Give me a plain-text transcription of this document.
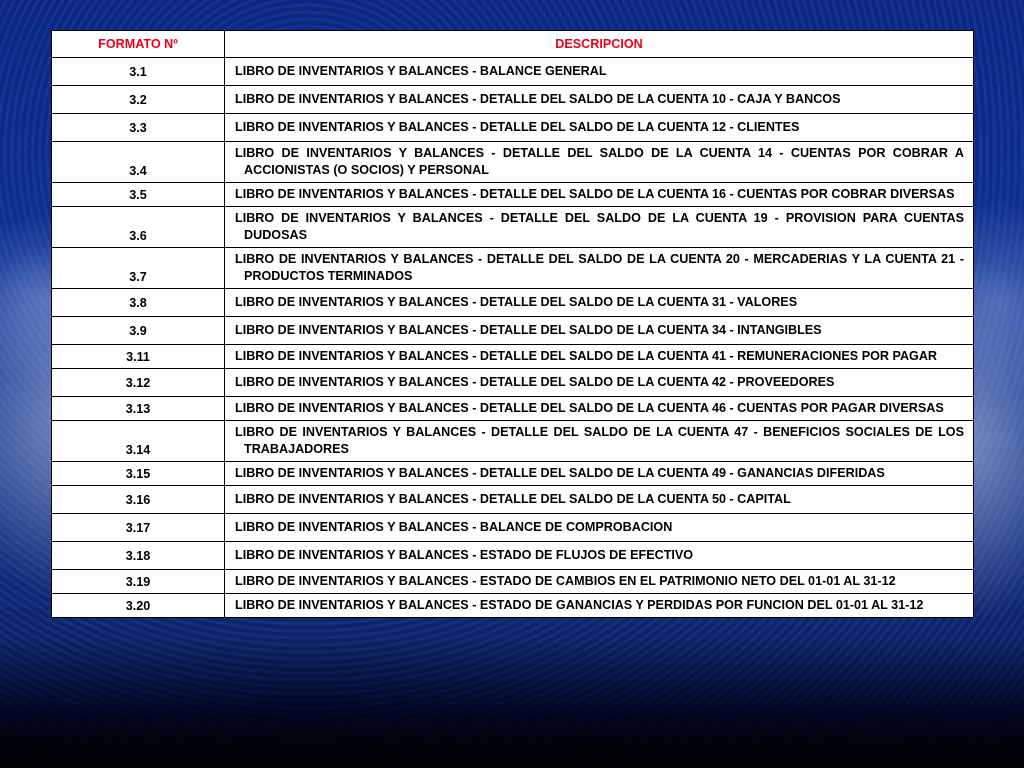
FORMATO Nº	DESCRIPCION
3.1	LIBRO DE INVENTARIOS Y BALANCES - BALANCE GENERAL

3.2	LIBRO DE INVENTARIOS Y BALANCES - DETALLE DEL SALDO DE LA CUENTA 10 - CAJA Y BANCOS

3.3	LIBRO DE INVENTARIOS Y BALANCES - DETALLE DEL SALDO DE LA CUENTA 12 - CLIENTES

3.4	LIBRO DE INVENTARIOS Y BALANCES - DETALLE DEL SALDO DE LA CUENTA 14 - CUENTAS POR COBRAR A ACCIONISTAS (O SOCIOS) Y PERSONAL

3.5	LIBRO DE INVENTARIOS Y BALANCES - DETALLE DEL SALDO DE LA CUENTA 16 - CUENTAS POR COBRAR DIVERSAS

3.6	LIBRO DE INVENTARIOS Y BALANCES - DETALLE DEL SALDO DE LA CUENTA 19 - PROVISION PARA CUENTAS DUDOSAS

3.7	LIBRO DE INVENTARIOS Y BALANCES - DETALLE DEL SALDO DE LA CUENTA 20 - MERCADERIAS Y LA CUENTA 21 - PRODUCTOS TERMINADOS

3.8	LIBRO DE INVENTARIOS Y BALANCES - DETALLE DEL SALDO DE LA CUENTA 31 - VALORES

3.9	LIBRO DE INVENTARIOS Y BALANCES - DETALLE DEL SALDO DE LA CUENTA 34 - INTANGIBLES

3.11	LIBRO DE INVENTARIOS Y BALANCES - DETALLE DEL SALDO DE LA CUENTA 41 - REMUNERACIONES POR PAGAR

3.12	LIBRO DE INVENTARIOS Y BALANCES - DETALLE DEL SALDO DE LA CUENTA 42 - PROVEEDORES

3.13	LIBRO DE INVENTARIOS Y BALANCES - DETALLE DEL SALDO DE LA CUENTA 46 - CUENTAS POR PAGAR DIVERSAS

3.14	LIBRO DE INVENTARIOS Y BALANCES - DETALLE DEL SALDO DE LA CUENTA 47 - BENEFICIOS SOCIALES DE LOS TRABAJADORES

3.15	LIBRO DE INVENTARIOS Y BALANCES - DETALLE DEL SALDO DE LA CUENTA 49 - GANANCIAS DIFERIDAS

3.16	LIBRO DE INVENTARIOS Y BALANCES - DETALLE DEL SALDO DE LA CUENTA 50 - CAPITAL

3.17	LIBRO DE INVENTARIOS Y BALANCES - BALANCE DE COMPROBACION

3.18	LIBRO DE INVENTARIOS Y BALANCES - ESTADO DE FLUJOS DE EFECTIVO

3.19	LIBRO DE INVENTARIOS Y BALANCES - ESTADO DE CAMBIOS EN EL PATRIMONIO NETO DEL 01-01 AL 31-12

3.20	LIBRO DE INVENTARIOS Y BALANCES - ESTADO DE GANANCIAS Y PERDIDAS POR FUNCION DEL 01-01 AL 31-12
